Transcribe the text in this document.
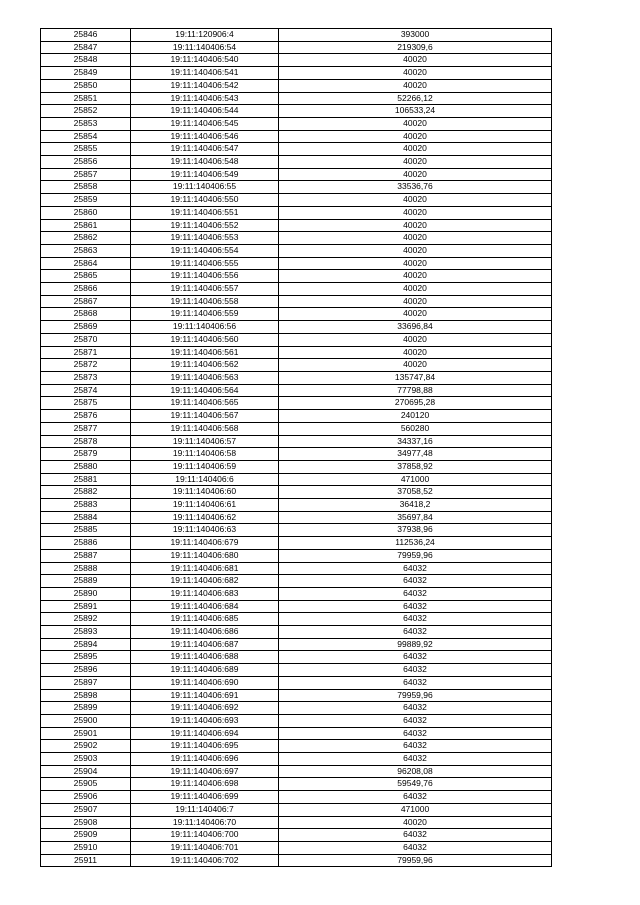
25846	19:11:120906:4	393000
25847	19:11:140406:54	219309,6
25848	19:11:140406:540	40020
25849	19:11:140406:541	40020
25850	19:11:140406:542	40020
25851	19:11:140406:543	52266,12
25852	19:11:140406:544	106533,24
25853	19:11:140406:545	40020
25854	19:11:140406:546	40020
25855	19:11:140406:547	40020
25856	19:11:140406:548	40020
25857	19:11:140406:549	40020
25858	19:11:140406:55	33536,76
25859	19:11:140406:550	40020
25860	19:11:140406:551	40020
25861	19:11:140406:552	40020
25862	19:11:140406:553	40020
25863	19:11:140406:554	40020
25864	19:11:140406:555	40020
25865	19:11:140406:556	40020
25866	19:11:140406:557	40020
25867	19:11:140406:558	40020
25868	19:11:140406:559	40020
25869	19:11:140406:56	33696,84
25870	19:11:140406:560	40020
25871	19:11:140406:561	40020
25872	19:11:140406:562	40020
25873	19:11:140406:563	135747,84
25874	19:11:140406:564	77798,88
25875	19:11:140406:565	270695,28
25876	19:11:140406:567	240120
25877	19:11:140406:568	560280
25878	19:11:140406:57	34337,16
25879	19:11:140406:58	34977,48
25880	19:11:140406:59	37858,92
25881	19:11:140406:6	471000
25882	19:11:140406:60	37058,52
25883	19:11:140406:61	36418,2
25884	19:11:140406:62	35697,84
25885	19:11:140406:63	37938,96
25886	19:11:140406:679	112536,24
25887	19:11:140406:680	79959,96
25888	19:11:140406:681	64032
25889	19:11:140406:682	64032
25890	19:11:140406:683	64032
25891	19:11:140406:684	64032
25892	19:11:140406:685	64032
25893	19:11:140406:686	64032
25894	19:11:140406:687	99889,92
25895	19:11:140406:688	64032
25896	19:11:140406:689	64032
25897	19:11:140406:690	64032
25898	19:11:140406:691	79959,96
25899	19:11:140406:692	64032
25900	19:11:140406:693	64032
25901	19:11:140406:694	64032
25902	19:11:140406:695	64032
25903	19:11:140406:696	64032
25904	19:11:140406:697	96208,08
25905	19:11:140406:698	59549,76
25906	19:11:140406:699	64032
25907	19:11:140406:7	471000
25908	19:11:140406:70	40020
25909	19:11:140406:700	64032
25910	19:11:140406:701	64032
25911	19:11:140406:702	79959,96
